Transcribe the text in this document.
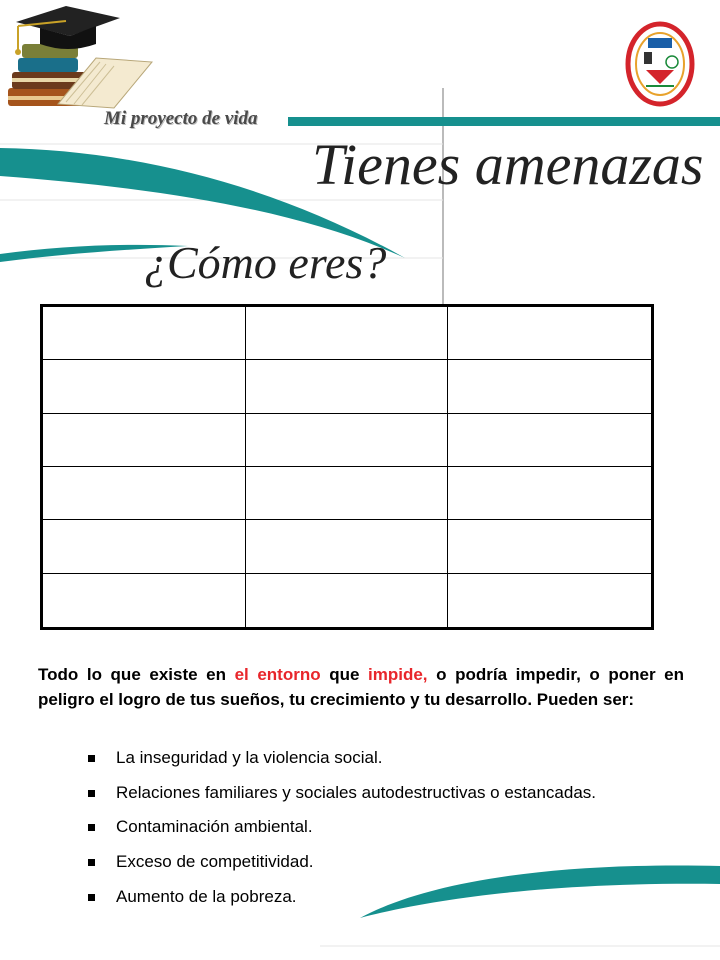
Mi proyecto de vida
Tienes amenazas
¿Cómo eres?
Todo lo que existe en el entorno que impide, o podría impedir, o poner en peligro el logro de tus sueños, tu crecimiento y tu desarrollo. Pueden ser:
La inseguridad y la violencia social.
Relaciones familiares y sociales autodestructivas o estancadas.
Contaminación ambiental.
Exceso de competitividad.
Aumento de la pobreza.
